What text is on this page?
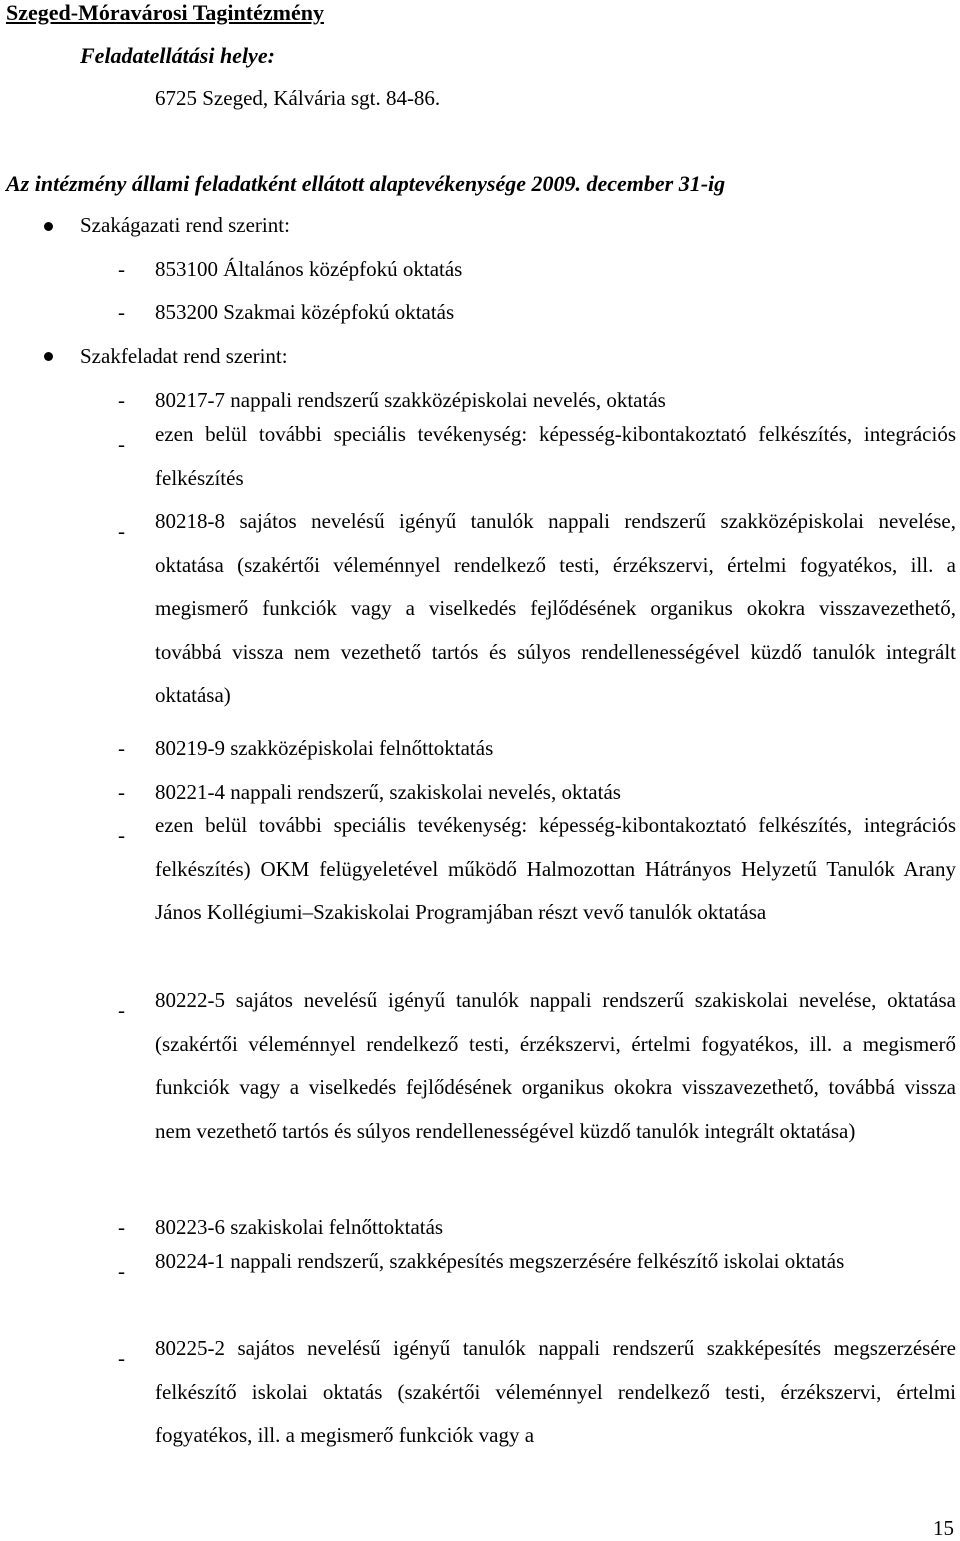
Szeged-Móravárosi Tagintézmény
Feladatellátási helye:
6725 Szeged, Kálvária sgt. 84-86.
Az intézmény állami feladatként ellátott alaptevékenysége 2009. december 31-ig
Szakágazati rend szerint:
- 853100 Általános középfokú oktatás
- 853200 Szakmai középfokú oktatás
Szakfeladat rend szerint:
- 80217-7 nappali rendszerű szakközépiskolai nevelés, oktatás
- ezen belül további speciális tevékenység: képesség-kibontakoztató felkészítés, integrációs felkészítés
- 80218-8 sajátos nevelésű igényű tanulók nappali rendszerű szakközépiskolai nevelése, oktatása (szakértői véleménnyel rendelkező testi, érzékszervi, értelmi fogyatékos, ill. a megismerő funkciók vagy a viselkedés fejlődésének organikus okokra visszavezethető, továbbá vissza nem vezethető tartós és súlyos rendellenességével küzdő tanulók integrált oktatása)
- 80219-9 szakközépiskolai felnőttoktatás
- 80221-4 nappali rendszerű, szakiskolai nevelés, oktatás
- ezen belül további speciális tevékenység: képesség-kibontakoztató felkészítés, integrációs felkészítés) OKM felügyeletével működő Halmozottan Hátrányos Helyzetű Tanulók Arany János Kollégiumi–Szakiskolai Programjában részt vevő tanulók oktatása
- 80222-5 sajátos nevelésű igényű tanulók nappali rendszerű szakiskolai nevelése, oktatása (szakértői véleménnyel rendelkező testi, érzékszervi, értelmi fogyatékos, ill. a megismerő funkciók vagy a viselkedés fejlődésének organikus okokra visszavezethető, továbbá vissza nem vezethető tartós és súlyos rendellenességével küzdő tanulók integrált oktatása)
- 80223-6 szakiskolai felnőttoktatás
- 80224-1 nappali rendszerű, szakképesítés megszerzésére felkészítő iskolai oktatás
- 80225-2 sajátos nevelésű igényű tanulók nappali rendszerű szakképesítés megszerzésére felkészítő iskolai oktatás (szakértői véleménnyel rendelkező testi, érzékszervi, értelmi fogyatékos, ill. a megismerő funkciók vagy a
15
